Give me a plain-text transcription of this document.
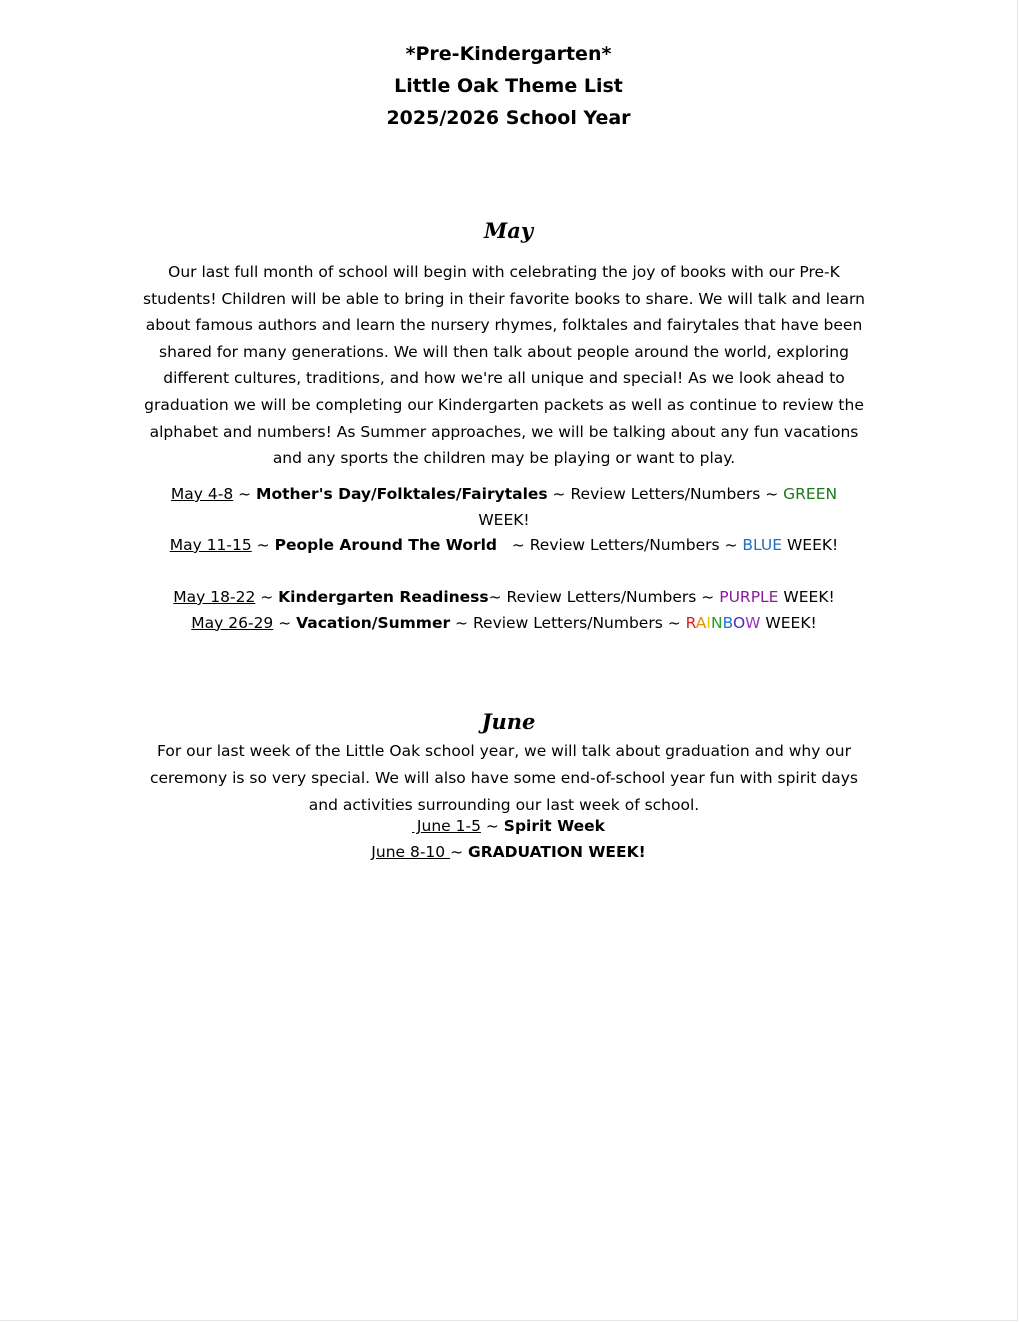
*Pre-Kindergarten*
Little Oak Theme List
2025/2026 School Year
May
Our last full month of school will begin with celebrating the joy of books with our Pre-K students! Children will be able to bring in their favorite books to share. We will talk and learn about famous authors and learn the nursery rhymes, folktales and fairytales that have been shared for many generations. We will then talk about people around the world, exploring different cultures, traditions, and how we're all unique and special! As we look ahead to graduation we will be completing our Kindergarten packets as well as continue to review the alphabet and numbers! As Summer approaches, we will be talking about any fun vacations and any sports the children may be playing or want to play.
May 4-8 ~ Mother's Day/Folktales/Fairytales ~ Review Letters/Numbers ~ GREEN WEEK!
May 11-15 ~ People Around The World   ~ Review Letters/Numbers ~ BLUE WEEK!
May 18-22 ~ Kindergarten Readiness~ Review Letters/Numbers ~ PURPLE WEEK!
May 26-29 ~ Vacation/Summer ~ Review Letters/Numbers ~ RAINBOW WEEK!
June
For our last week of the Little Oak school year, we will talk about graduation and why our ceremony is so very special. We will also have some end-of-school year fun with spirit days and activities surrounding our last week of school.
June 1-5 ~ Spirit Week
June 8-10 ~ GRADUATION WEEK!
